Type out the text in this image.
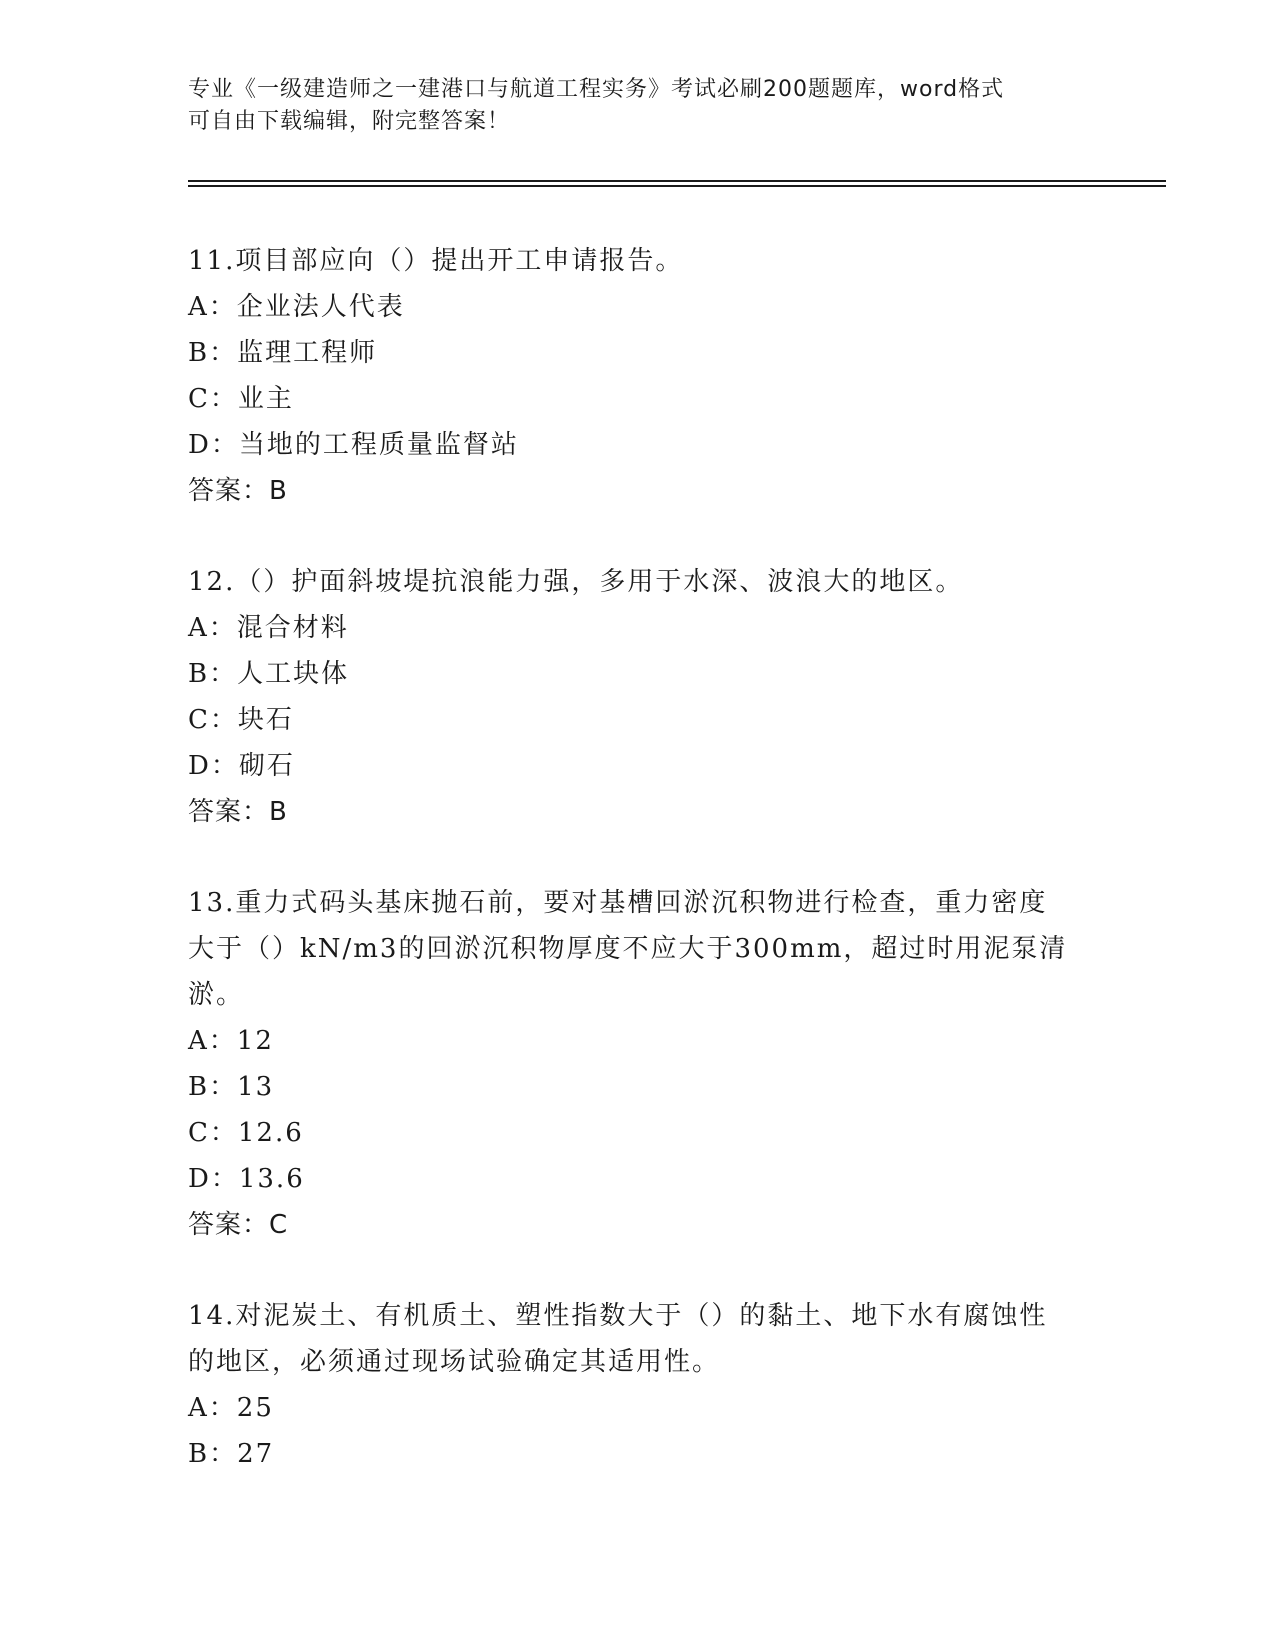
专业《一级建造师之一建港口与航道工程实务》考试必刷200题题库，word格式
可自由下载编辑，附完整答案！
11.项目部应向（）提出开工申请报告。
A：企业法人代表
B：监理工程师
C：业主
D：当地的工程质量监督站
答案：B
12.（）护面斜坡堤抗浪能力强，多用于水深、波浪大的地区。
A：混合材料
B：人工块体
C：块石
D：砌石
答案：B
13.重力式码头基床抛石前，要对基槽回淤沉积物进行检查，重力密度
大于（）kN/m3的回淤沉积物厚度不应大于300mm，超过时用泥泵清
淤。
A：12
B：13
C：12.6
D：13.6
答案：C
14.对泥炭土、有机质土、塑性指数大于（）的黏土、地下水有腐蚀性
的地区，必须通过现场试验确定其适用性。
A：25
B：27
